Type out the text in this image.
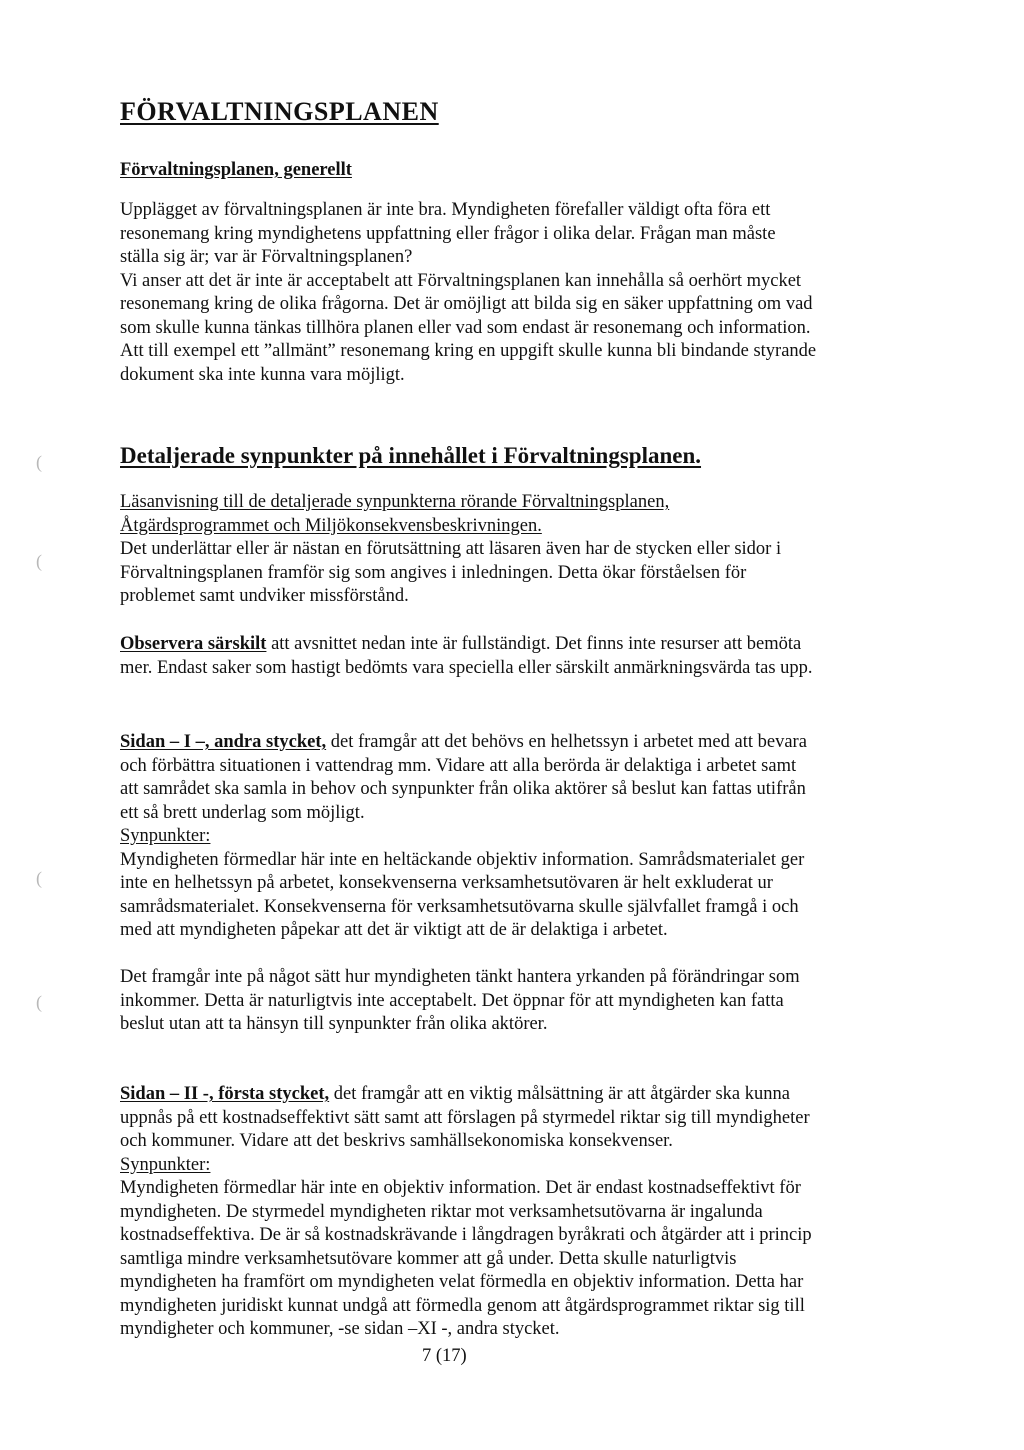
(
(
(
(
FÖRVALTNINGSPLANEN
Förvaltningsplanen, generellt

Upplägget av förvaltningsplanen är inte bra. Myndigheten förefaller väldigt ofta föra ett

resonemang kring myndighetens uppfattning eller frågor i olika delar. Frågan man måste

ställa sig är; var är Förvaltningsplanen?

Vi anser att det är inte är acceptabelt att Förvaltningsplanen kan innehålla så oerhört mycket

resonemang kring de olika frågorna. Det är omöjligt att bilda sig en säker uppfattning om vad

som skulle kunna tänkas tillhöra planen eller vad som endast är resonemang och information.

Att till exempel ett ”allmänt” resonemang kring en uppgift skulle kunna bli bindande styrande

dokument ska inte kunna vara möjligt.

Detaljerade synpunkter på innehållet i Förvaltningsplanen.

Läsanvisning till de detaljerade synpunkterna rörande Förvaltningsplanen,

Åtgärdsprogrammet och Miljökonsekvensbeskrivningen.

Det underlättar eller är nästan en förutsättning att läsaren även har de stycken eller sidor i

Förvaltningsplanen framför sig som angives i inledningen. Detta ökar förståelsen för

problemet samt undviker missförstånd.

Observera särskilt att avsnittet nedan inte är fullständigt. Det finns inte resurser att bemöta

mer. Endast saker som hastigt bedömts vara speciella eller särskilt anmärkningsvärda tas upp.

Sidan – I –, andra stycket, det framgår att det behövs en helhetssyn i arbetet med att bevara

och förbättra situationen i vattendrag mm. Vidare att alla berörda är delaktiga i arbetet samt

att samrådet ska samla in behov och synpunkter från olika aktörer så beslut kan fattas utifrån

ett så brett underlag som möjligt.

Synpunkter:

Myndigheten förmedlar här inte en heltäckande objektiv information. Samrådsmaterialet ger

inte en helhetssyn på arbetet, konsekvenserna verksamhetsutövaren är helt exkluderat ur

samrådsmaterialet. Konsekvenserna för verksamhetsutövarna skulle självfallet framgå i och

med att myndigheten påpekar att det är viktigt att de är delaktiga i arbetet.

Det framgår inte på något sätt hur myndigheten tänkt hantera yrkanden på förändringar som

inkommer. Detta är naturligtvis inte acceptabelt. Det öppnar för att myndigheten kan fatta

beslut utan att ta hänsyn till synpunkter från olika aktörer.

Sidan – II -, första stycket, det framgår att en viktig målsättning är att åtgärder ska kunna

uppnås på ett kostnadseffektivt sätt samt att förslagen på styrmedel riktar sig till myndigheter

och kommuner. Vidare att det beskrivs samhällsekonomiska konsekvenser.

Synpunkter:

Myndigheten förmedlar här inte en objektiv information. Det är endast kostnadseffektivt för

myndigheten. De styrmedel myndigheten riktar mot verksamhetsutövarna är ingalunda

kostnadseffektiva. De är så kostnadskrävande i långdragen byråkrati och åtgärder att i princip

samtliga mindre verksamhetsutövare kommer att gå under. Detta skulle naturligtvis

myndigheten ha framfört om myndigheten velat förmedla en objektiv information. Detta har

myndigheten juridiskt kunnat undgå att förmedla genom att åtgärdsprogrammet riktar sig till

myndigheter och kommuner, -se sidan –XI -, andra stycket.

7 (17)
